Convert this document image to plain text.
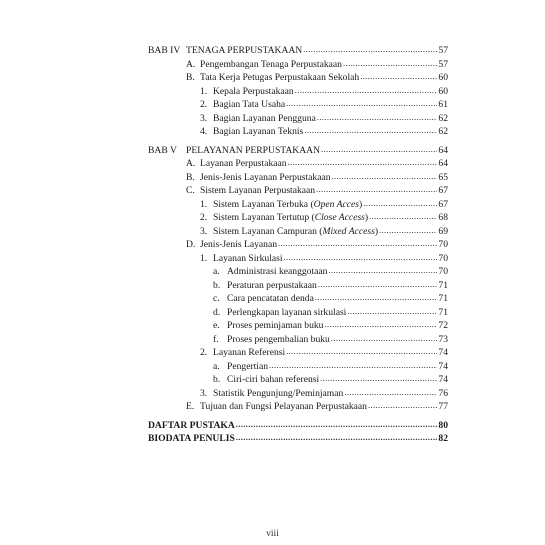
BAB IV TENAGA PERPUSTAKAAN .....	57
A. Pengembangan Tenaga Perpustakaan .....	57
B. Tata Kerja Petugas Perpustakaan Sekolah .....	60
1. Kepala Perpustakaan .....	60
2. Bagian Tata Usaha .....	61
3. Bagian Layanan Pengguna .....	62
4. Bagian Layanan Teknis .....	62
BAB V PELAYANAN PERPUSTAKAAN .....	64
A. Layanan Perpustakaan .....	64
B. Jenis-Jenis Layanan Perpustakaan .....	65
C. Sistem Layanan Perpustakaan .....	67
1. Sistem Layanan Terbuka ( Open Acces ) .....	67
2. Sistem Layanan Tertutup ( Close Access ) .....	68
3. Sistem Layanan Campuran ( Mixed Access ) .....	69
D. Jenis-Jenis Layanan .....	70
1. Layanan Sirkulasi .....	70
a. Administrasi keanggotaan .....	70
b. Peraturan perpustakaan .....	71
c. Cara pencatatan denda .....	71
d. Perlengkapan layanan sirkulasi .....	71
e. Proses peminjaman buku .....	72
f. Proses pengembalian buku .....	73
2. Layanan Referensi .....	74
a. Pengertian .....	74
b. Ciri-ciri bahan referensi .....	74
3. Statistik Pengunjung/Peminjaman .....	76
E. Tujuan dan Fungsi Pelayanan Perpustakaan .....	77
DAFTAR PUSTAKA .....	80
BIODATA PENULIS .....	82
viii
